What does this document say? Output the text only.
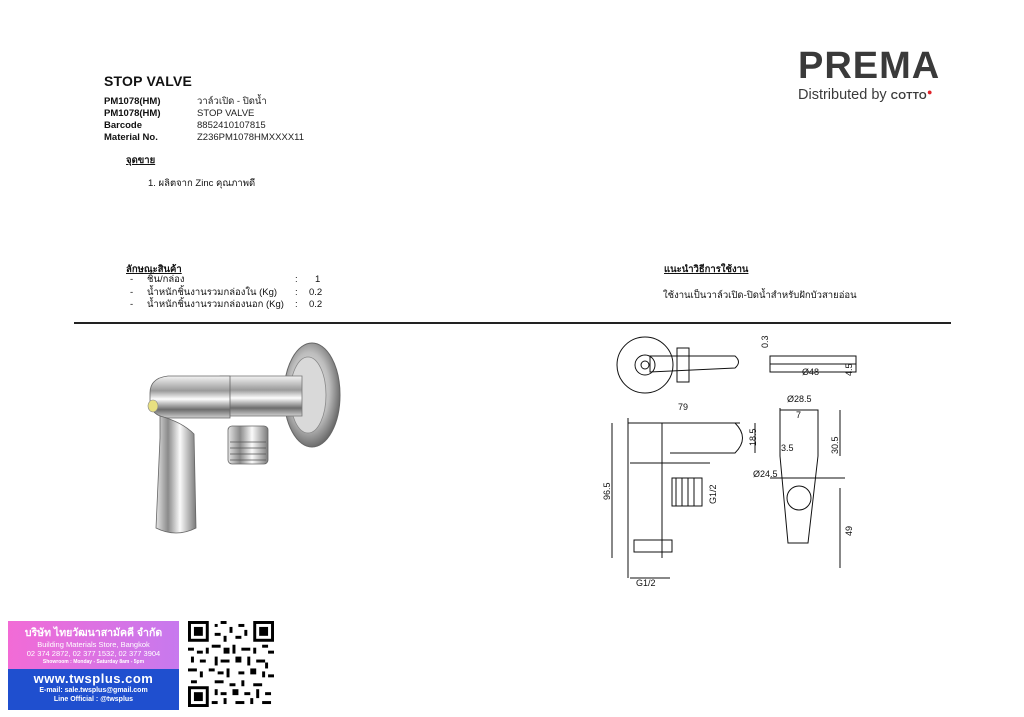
STOP VALVE
PM1078(HM)	วาล์วเปิด - ปิดน้ำ
PM1078(HM)	STOP VALVE
Barcode	8852410107815
Material No.	Z236PM1078HMXXXX11
จุดขาย
1. ผลิตจาก Zinc คุณภาพดี
ลักษณะสินค้า
-	ชิ้น/กล่อง	:	1
-	น้ำหนักชิ้นงานรวมกล่องใน (Kg)	:	0.2
-	น้ำหนักชิ้นงานรวมกล่องนอก (Kg)	:	0.2
แนะนำวิธีการใช้งาน
ใช้งานเป็นวาล์วเปิด-ปิดน้ำสำหรับฝักบัวสายอ่อน
PREMA
Distributed by COTTO●
0.3
Ø48	4.5
79
18.5
Ø28.5
7
30.5
3.5
Ø24.5
96.5	G1/2
G1/2
49
บริษัท ไทยวัฒนาสามัคคี จำกัด
Building Materials Store, Bangkok
02 374 2872, 02 377 1532, 02 377 3904
Showroom : Monday - Saturday 8am - 5pm
www.twsplus.com
E-mail: sale.twsplus@gmail.com
Line Official : @twsplus
